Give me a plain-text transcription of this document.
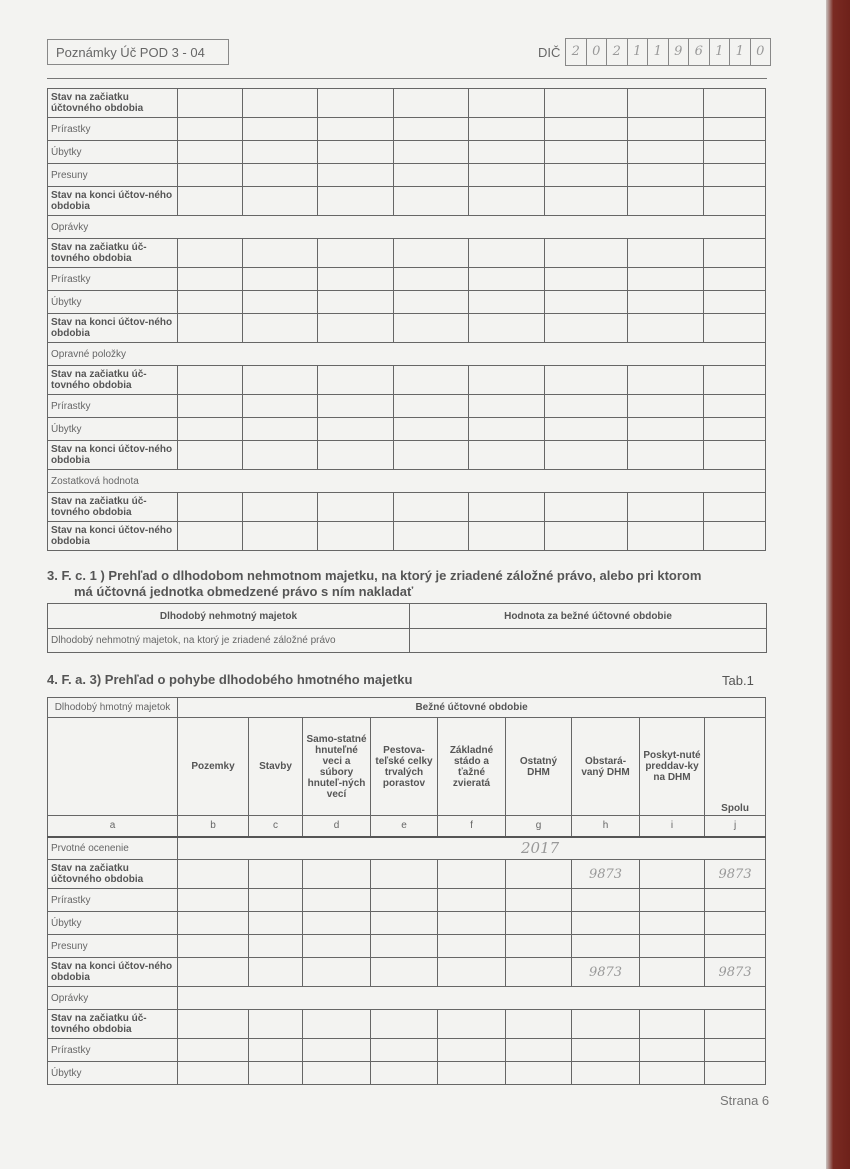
Poznámky Úč POD 3 - 04	DIČ 2 0 2 1 1 9 6 1 1 0
Stav na začiatku účtovného obdobia								
Prírastky								
Úbytky								
Presuny								
Stav na konci účtov-ného obdobia								
Oprávky								
Stav na začiatku úč-tovného obdobia								
Prírastky								
Úbytky								
Stav na konci účtov-ného obdobia								
Opravné položky								
Stav na začiatku úč-tovného obdobia								
Prírastky								
Úbytky								
Stav na konci účtov-ného obdobia								
Zostatková hodnota								
Stav na začiatku úč-tovného obdobia								
Stav na konci účtov-ného obdobia								
3. F. c. 1 ) Prehľad o dlhodobom nehmotnom majetku, na ktorý je zriadené záložné právo, alebo pri ktorom
má účtovná jednotka obmedzené právo s ním nakladať
Dlhodobý nehmotný majetok	Hodnota za bežné účtovné obdobie
Dlhodobý nehmotný majetok, na ktorý je zriadené záložné právo	
4. F. a. 3) Prehľad o pohybe dlhodobého hmotného majetku	Tab.1
Dlhodobý hmotný majetok	Bežné účtovné obdobie								
	Pozemky	Stavby	Samo-statné hnuteľné veci a súbory hnuteľ-ných vecí	Pestova-teľské celky trvalých porastov	Základné stádo a ťažné zvieratá	Ostatný DHM	Obstará-vaný DHM	Poskyt-nuté preddav-ky na DHM	Spolu
a	b	c	d	e	f	g	h	i	j
Prvotné ocenenie	2017								

Stav na začiatku účtovného obdobia							9873		9873
Prírastky									
Úbytky									
Presuny									
Stav na konci účtov-ného obdobia							9873		9873
Oprávky									
Stav na začiatku úč-tovného obdobia									
Prírastky									
Úbytky									
Strana 6
